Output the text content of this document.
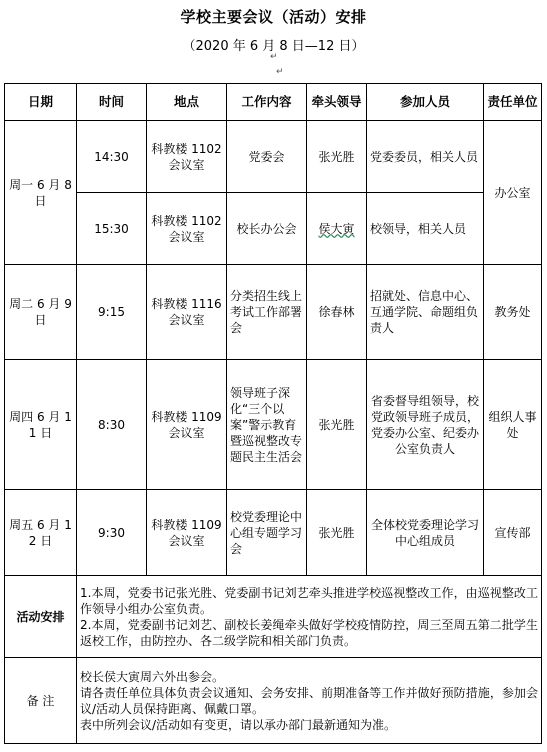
学校主要会议（活动）安排
（2020 年 6 月 8 日—12 日）
↵
↵
日期	时间	地点	工作内容	牵头领导	参加人员	责任单位
周一 6 月 8 日	14:30	科教楼 1102 会议室	党委会	张光胜	党委委员，相关人员	办公室
	15:30	科教楼 1102 会议室	校长办公会	侯大寅	校领导，相关人员	
周二 6 月 9 日	9:15	科教楼 1116 会议室	分类招生线上考试工作部署会	徐春林	招就处、信息中心、互通学院、命题组负责人	教务处
周四 6 月 11 日	8:30	科教楼 1109 会议室	领导班子深化“三个以案”警示教育暨巡视整改专题民主生活会	张光胜	省委督导组领导，校党政领导班子成员，党委办公室、纪委办公室负责人	组织人事处
周五 6 月 12 日	9:30	科教楼 1109 会议室	校党委理论中心组专题学习会	张光胜	全体校党委理论学习中心组成员	宣传部
活动安排	1.本周，党委书记张光胜、党委副书记刘艺牵头推进学校巡视整改工作，由巡视整改工作领导小组办公室负责。
2.本周，党委副书记刘艺、副校长姜绳牵头做好学校疫情防控，周三至周五第二批学生返校工作，由防控办、各二级学院和相关部门负责。					

备 注	校长侯大寅周六外出参会。
请各责任单位具体负责会议通知、会务安排、前期准备等工作并做好预防措施，参加会议/活动人员保持距离、佩戴口罩。
表中所列会议/活动如有变更，请以承办部门最新通知为准。					
